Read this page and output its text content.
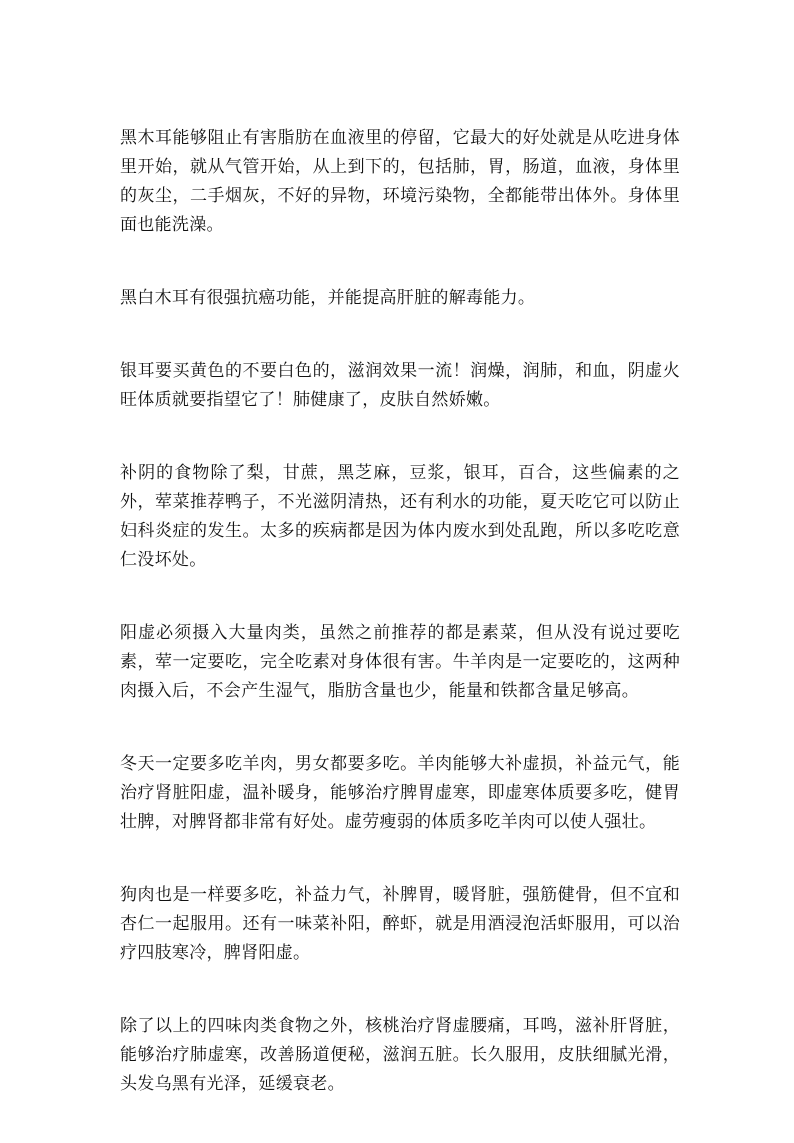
黑木耳能够阻止有害脂肪在血液里的停留，它最大的好处就是从吃进身体里开始，就从气管开始，从上到下的，包括肺，胃，肠道，血液，身体里的灰尘，二手烟灰，不好的异物，环境污染物，全都能带出体外。身体里面也能洗澡。

黑白木耳有很强抗癌功能，并能提高肝脏的解毒能力。

银耳要买黄色的不要白色的，滋润效果一流！润燥，润肺，和血，阴虚火旺体质就要指望它了！肺健康了，皮肤自然娇嫩。

补阴的食物除了梨，甘蔗，黑芝麻，豆浆，银耳，百合，这些偏素的之外，荤菜推荐鸭子，不光滋阴清热，还有利水的功能，夏天吃它可以防止妇科炎症的发生。太多的疾病都是因为体内废水到处乱跑，所以多吃吃意仁没坏处。

阳虚必须摄入大量肉类，虽然之前推荐的都是素菜，但从没有说过要吃素，荤一定要吃，完全吃素对身体很有害。牛羊肉是一定要吃的，这两种肉摄入后，不会产生湿气，脂肪含量也少，能量和铁都含量足够高。

冬天一定要多吃羊肉，男女都要多吃。羊肉能够大补虚损，补益元气，能治疗肾脏阳虚，温补暖身，能够治疗脾胃虚寒，即虚寒体质要多吃，健胃壮脾，对脾肾都非常有好处。虚劳瘦弱的体质多吃羊肉可以使人强壮。

狗肉也是一样要多吃，补益力气，补脾胃，暖肾脏，强筋健骨，但不宜和杏仁一起服用。还有一味菜补阳，醉虾，就是用酒浸泡活虾服用，可以治疗四肢寒冷，脾肾阳虚。

除了以上的四味肉类食物之外，核桃治疗肾虚腰痛，耳鸣，滋补肝肾脏，能够治疗肺虚寒，改善肠道便秘，滋润五脏。长久服用，皮肤细腻光滑，头发乌黑有光泽，延缓衰老。
